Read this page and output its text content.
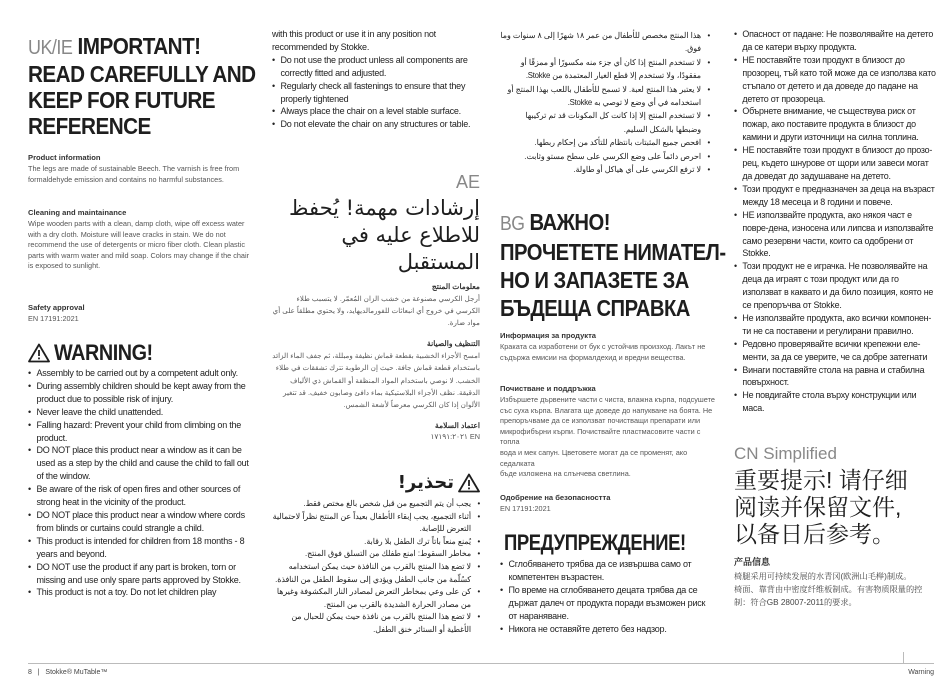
UK/IE IMPORTANT!
READ CAREFULLY AND
KEEP FOR FUTURE
REFERENCE

Product information

The legs are made of sustainable Beech. The varnish is free from

formaldehyde emission and contains no harmful substances.

Cleaning and maintainance

Wipe wooden parts with a clean, damp cloth, wipe off excess water

with a dry cloth. Moisture will leave cracks in stain. We do not

recommend the use of detergents or micro fiber cloth. Clean plastic

parts with warm water and mild soap. Colors may change if the chair

is exposed to sunlight.

Safety approval

EN 17191:2021

WARNING!
• Assembly to be carried out by a competent adult only.
• During assembly children should be kept away from the product due to possible risk of injury.
• Never leave the child unattended.
• Falling hazard: Prevent your child from climbing on the product.
• DO NOT place this product near a window as it can be used as a step by the child and cause the child to fall out of the window.
• Be aware of the risk of open fires and other sources of strong heat in the vicinity of the product.
• DO NOT place this product near a window where cords from blinds or curtains could strangle a child.
• This product is intended for children from 18 months - 8 years and beyond.
• DO NOT use the product if any part is broken, torn or missing and use only spare parts approved by Stokke.
• This product is not a toy. Do not let children play
with this product or use it in any position not recommended by Stokke.
• Do not use the product unless all components are correctly fitted and adjusted.
• Regularly check all fastenings to ensure that they properly tightened
• Always place the chair on a level stable surface.
• Do not elevate the chair on any structures or table.
AE
إرشادات مهمة! يُحفظ
للاطلاع عليه في المستقبل

معلومات المنتج

أرجل الكرسي مصنوعة من خشب الزان المُعمّر. لا يتسبب طلاء الكرسي في خروج أي انبعاثات للفورمالديهايد، ولا يحتوي مطلقاً على أي مواد ضارة.

التنظيف والصيانة

امسح الأجزاء الخشبية بقطعة قماش نظيفة ومبللة، ثم جفف الماء الزائد باستخدام قطعة قماش جافة. حيث إن الرطوبة تترك تشققات في طلاء الخشب. لا نوصي باستخدام المواد المنظفة أو القماش ذي الألياف الدقيقة. نظف الأجزاء البلاستيكية بماء دافئ وصابون خفيف. قد تتغير الألوان إذا كان الكرسي معرضاً لأشعة الشمس.

اعتماد السلامة

EN ١٧١٩١:٢٠٢١

تحذير!
• يجب أن يتم التجميع من قبل شخص بالغ مختص فقط.
• أثناء التجميع، يجب إبقاء الأطفال بعيداً عن المنتج نظراً لاحتمالية التعرض للإصابة.
• يُمنع منعاً باتاً ترك الطفل بلا رقابة.
• مخاطر السقوط: امنع طفلك من التسلق فوق المنتج.
• لا تضع هذا المنتج بالقرب من النافذة حيث يمكن استخدامه كسُلّمة من جانب الطفل ويؤدي إلى سقوط الطفل من النافذة.
• كن على وعي بمخاطر التعرض لمصادر النار المكشوفة وغيرها من مصادر الحرارة الشديدة بالقرب من المنتج.
• لا تضع هذا المنتج بالقرب من نافذة حيث يمكن للحبال من الأغطية أو الستائر خنق الطفل.
• هذا المنتج مخصص للأطفال من عمر ١٨ شهرًا إلى ٨ سنوات وما فوق.
• لا تستخدم المنتج إذا كان أي جزء منه مكسورًا أو ممزقًا أو مفقودًا، ولا تستخدم إلا قطع الغيار المعتمدة من Stokke.
• لا يعتبر هذا المنتج لعبة. لا تسمح للأطفال باللعب بهذا المنتج أو استخدامه في أي وضع لا توصي به Stokke.
• لا تستخدم المنتج إلا إذا كانت كل المكونات قد تم تركيبها وضبطها بالشكل السليم.
• افحص جميع المثبتات بانتظام للتأكد من إحكام ربطها.
• احرص دائماً على وضع الكرسي على سطح مستو وثابت.
• لا ترفع الكرسي على أي هياكل أو طاولة.
BG ВАЖНО!
ПРОЧЕТЕТЕ НИМАТЕЛ-
НО И ЗАПАЗЕТЕ ЗА
БЪДЕЩА СПРАВКА

Информация за продукта

Краката са изработени от бук с устойчив произход. Лакът не

съдържа емисии на формалдехид и вредни вещества.

Почистване и поддръжка

Избършете дървените части с чиста, влажна кърпа, подсушете

със суха кърпа. Влагата ще доведе до напукване на боята. Не

препоръчваме да се използват почистващи препарати или

микрофибърни кърпи. Почиствайте пластмасовите части с топла

вода и мек сапун. Цветовете могат да се променят, ако седалката

бъде изложена на слънчева светлина.

Одобрение на безопасността

EN 17191:2021

ПРЕДУПРЕЖДЕНИЕ!
• Сглобяването трябва да се извършва само от компетентен възрастен.
• По време на сглобяването децата трябва да се държат далеч от продукта поради възможен риск от нараняване.
• Никога не оставяйте детето без надзор.
• Опасност от падане: Не позволявайте на детето да се катери върху продукта.
• НЕ поставяйте този продукт в близост до прозорец, тъй като той може да се използва като стъпало от детето и да доведе до падане на детето от прозореца.
• Обърнете внимание, че съществува риск от пожар, ако поставите продукта в близост до камини и други източници на силна топлина.
• НЕ поставяйте този продукт в близост до прозо-рец, където шнурове от щори или завеси могат да доведат до задушаване на детето.
• Този продукт е предназначен за деца на възраст между 18 месеца и 8 години и повече.
• НЕ използвайте продукта, ако някоя част е повре-дена, износена или липсва и използвайте само резервни части, които са одобрени от Stokke.
• Този продукт не е играчка. Не позволявайте на деца да играят с този продукт или да го използват в каквато и да било позиция, която не се препоръчва от Stokke.
• Не използвайте продукта, ако всички компонен-ти не са поставени и регулирани правилно.
• Редовно проверявайте всички крепежни еле-менти, за да се уверите, че са добре затегнати
• Винаги поставяйте стола на равна и стабилна повърхност.
• Не повдигайте стола върху конструкции или маса.

CN Simplified

重要提示! 请仔细

阅读并保留文件,

以备日后参考。

产品信息

椅腿采用可持续发展的水青冈(欧洲山毛榉)制成。

椅面、靠背由中密度纤维板制成。有害物质限量的控

制：符合GB 28007-2011的要求。

8 | Stokke® MuTable™	Warning
